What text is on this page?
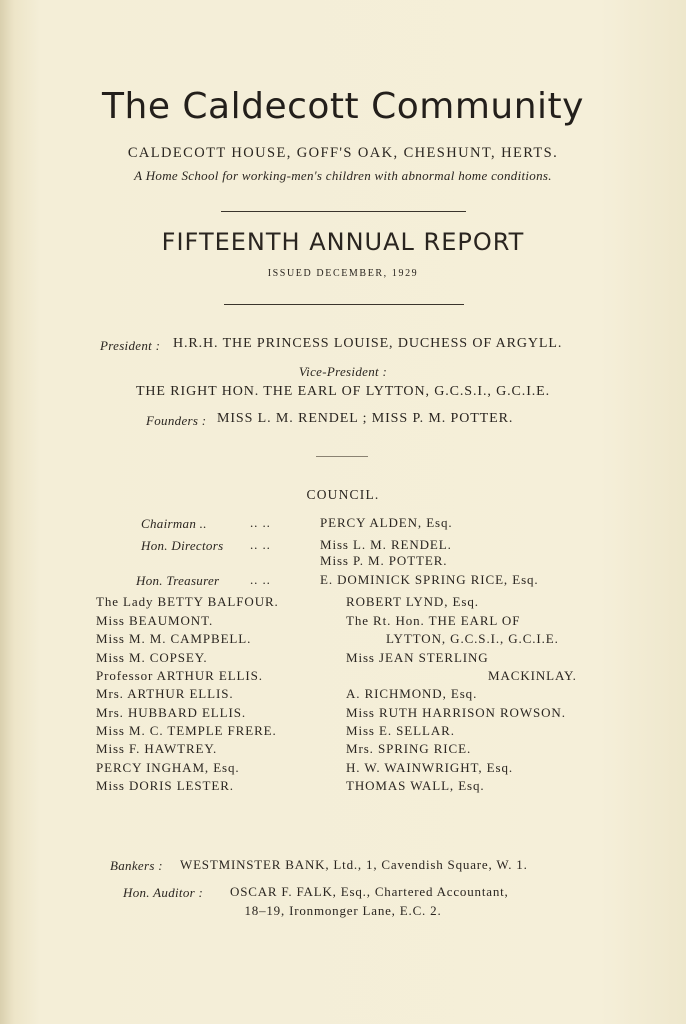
The Caldecott Community
CALDECOTT HOUSE, GOFF'S OAK, CHESHUNT, HERTS.
A Home School for working-men's children with abnormal home conditions.
FIFTEENTH ANNUAL REPORT
ISSUED DECEMBER, 1929
President : H.R.H. THE PRINCESS LOUISE, DUCHESS OF ARGYLL.
Vice-President :
THE RIGHT HON. THE EARL OF LYTTON, G.C.S.I., G.C.I.E.
Founders : MISS L. M. RENDEL ; MISS P. M. POTTER.
COUNCIL.
Chairman ..	.. ..	PERCY ALDEN, Esq.
Hon. Directors .. ..	Miss L. M. RENDEL.
Miss P. M. POTTER.
Hon. Treasurer .. ..	E. DOMINICK SPRING RICE, Esq.
The Lady BETTY BALFOUR.
Miss BEAUMONT.
Miss M. M. CAMPBELL.
Miss M. COPSEY.
Professor ARTHUR ELLIS.
Mrs. ARTHUR ELLIS.
Mrs. HUBBARD ELLIS.
Miss M. C. TEMPLE FRERE.
Miss F. HAWTREY.
PERCY INGHAM, Esq.
Miss DORIS LESTER.
ROBERT LYND, Esq.
The Rt. Hon. THE EARL OF
LYTTON, G.C.S.I., G.C.I.E.
Miss JEAN STERLING
MACKINLAY.
A. RICHMOND, Esq.
Miss RUTH HARRISON ROWSON.
Miss E. SELLAR.
Mrs. SPRING RICE.
H. W. WAINWRIGHT, Esq.
THOMAS WALL, Esq.
Bankers : WESTMINSTER BANK, Ltd., 1, Cavendish Square, W. 1.
Hon. Auditor : OSCAR F. FALK, Esq., Chartered Accountant,
18–19, Ironmonger Lane, E.C. 2.
